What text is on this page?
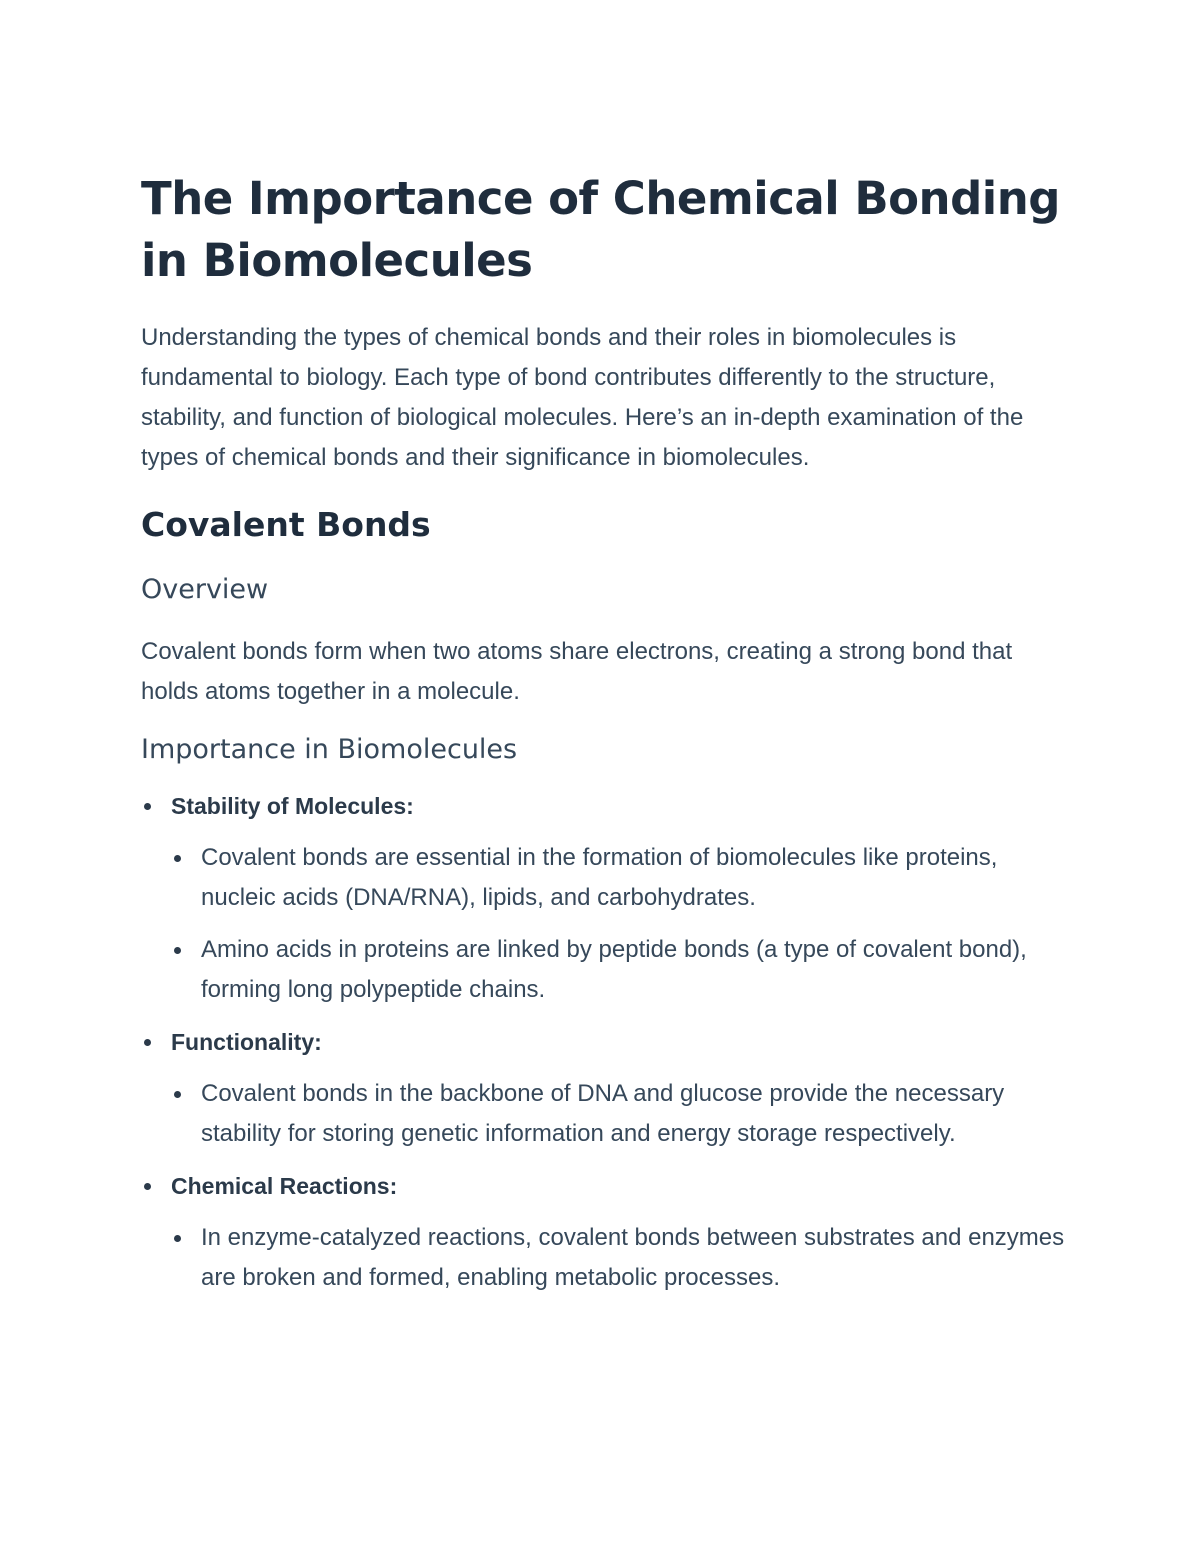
The Importance of Chemical Bonding in Biomolecules

Understanding the types of chemical bonds and their roles in biomolecules is fundamental to biology. Each type of bond contributes differently to the structure, stability, and function of biological molecules. Here’s an in-depth examination of the types of chemical bonds and their significance in biomolecules.

Covalent Bonds
Overview

Covalent bonds form when two atoms share electrons, creating a strong bond that holds atoms together in a molecule.

Importance in Biomolecules
Stability of Molecules:
Covalent bonds are essential in the formation of biomolecules like proteins, nucleic acids (DNA/RNA), lipids, and carbohydrates.
Amino acids in proteins are linked by peptide bonds (a type of covalent bond), forming long polypeptide chains.
Functionality:
Covalent bonds in the backbone of DNA and glucose provide the necessary stability for storing genetic information and energy storage respectively.
Chemical Reactions:
In enzyme-catalyzed reactions, covalent bonds between substrates and enzymes are broken and formed, enabling metabolic processes.
